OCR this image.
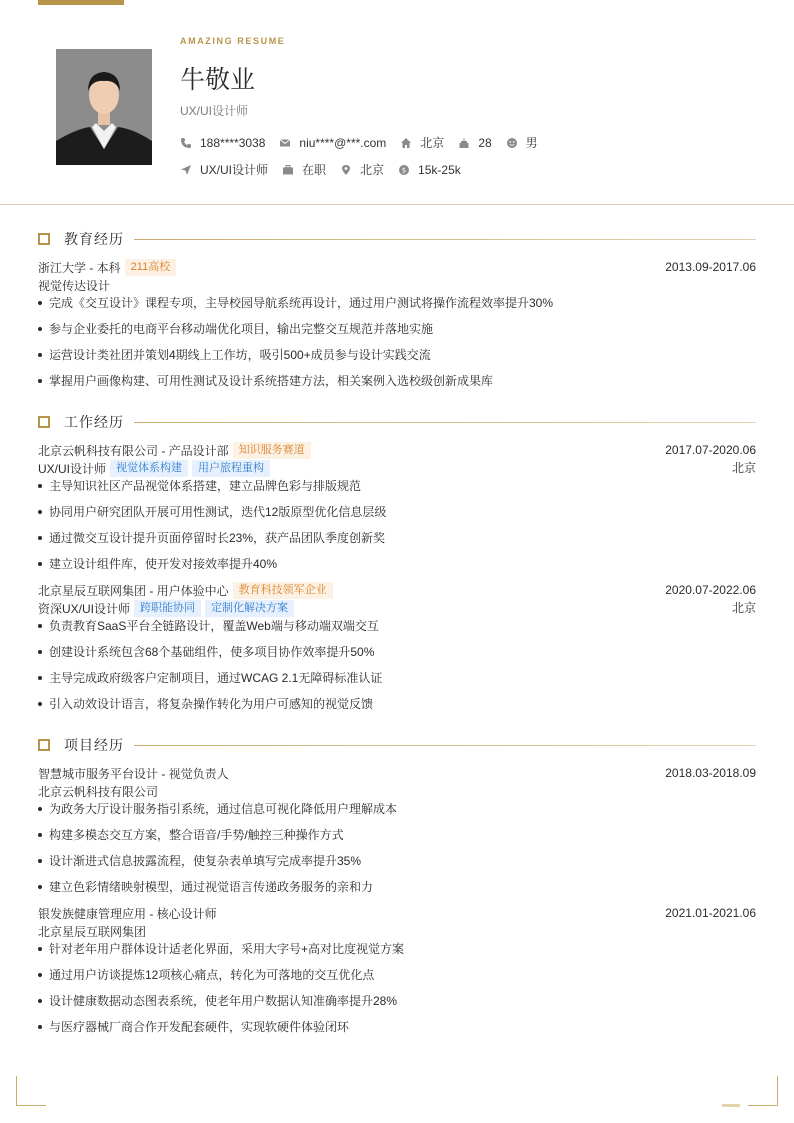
AMAZING RESUME
牛敬业
UX/UI设计师
188****3038	niu****@***.com	北京	28	男
UX/UI设计师	在职	北京	$ 15k-25k
教育经历
浙江大学 - 本科 211高校	2013.09-2017.06
视觉传达设计
完成《交互设计》课程专项，主导校园导航系统再设计，通过用户测试将操作流程效率提升30%
参与企业委托的电商平台移动端优化项目，输出完整交互规范并落地实施
运营设计类社团并策划4期线上工作坊，吸引500+成员参与设计实践交流
掌握用户画像构建、可用性测试及设计系统搭建方法，相关案例入选校级创新成果库
工作经历
北京云帆科技有限公司 - 产品设计部 知识服务赛道	2017.07-2020.06
UX/UI设计师 视觉体系构建	用户旅程重构	北京
主导知识社区产品视觉体系搭建，建立品牌色彩与排版规范
协同用户研究团队开展可用性测试，迭代12版原型优化信息层级
通过微交互设计提升页面停留时长23%，获产品团队季度创新奖
建立设计组件库，使开发对接效率提升40%
北京星辰互联网集团 - 用户体验中心 教育科技领军企业	2020.07-2022.06
资深UX/UI设计师 跨职能协同	定制化解决方案	北京
负责教育SaaS平台全链路设计，覆盖Web端与移动端双端交互
创建设计系统包含68个基础组件，使多项目协作效率提升50%
主导完成政府级客户定制项目，通过WCAG 2.1无障碍标准认证
引入动效设计语言，将复杂操作转化为用户可感知的视觉反馈
项目经历
智慧城市服务平台设计 - 视觉负责人	2018.03-2018.09
北京云帆科技有限公司
为政务大厅设计服务指引系统，通过信息可视化降低用户理解成本
构建多模态交互方案，整合语音/手势/触控三种操作方式
设计渐进式信息披露流程，使复杂表单填写完成率提升35%
建立色彩情绪映射模型，通过视觉语言传递政务服务的亲和力
银发族健康管理应用 - 核心设计师	2021.01-2021.06
北京星辰互联网集团
针对老年用户群体设计适老化界面，采用大字号+高对比度视觉方案
通过用户访谈提炼12项核心痛点，转化为可落地的交互优化点
设计健康数据动态图表系统，使老年用户数据认知准确率提升28%
与医疗器械厂商合作开发配套硬件，实现软硬件体验闭环
